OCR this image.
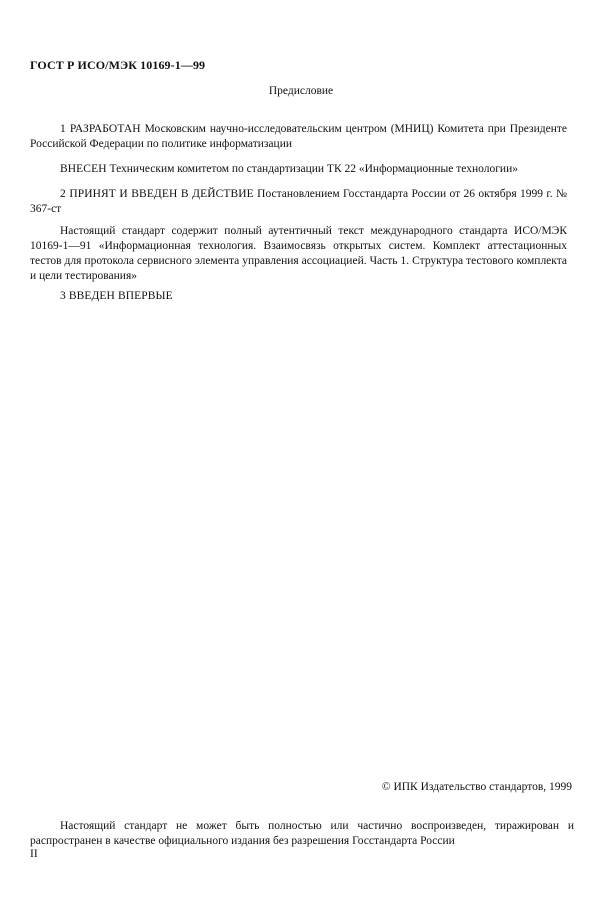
ГОСТ Р ИСО/МЭК 10169-1—99
Предисловие

1 РАЗРАБОТАН Московским научно-исследовательским центром (МНИЦ) Комитета при Президенте Российской Федерации по политике информатизации

ВНЕСЕН Техническим комитетом по стандартизации ТК 22 «Информационные технологии»

2 ПРИНЯТ И ВВЕДЕН В ДЕЙСТВИЕ Постановлением Госстандарта России от 26 октября 1999 г. № 367-ст

Настоящий стандарт содержит полный аутентичный текст международного стандарта ИСО/МЭК 10169-1—91 «Информационная технология. Взаимосвязь открытых систем. Комплект аттестационных тестов для протокола сервисного элемента управления ассоциацией. Часть 1. Структура тестового комплекта и цели тестирования»

3 ВВЕДЕН ВПЕРВЫЕ

© ИПК Издательство стандартов, 1999

Настоящий стандарт не может быть полностью или частично воспроизведен, тиражирован и распространен в качестве официального издания без разрешения Госстандарта России

II
